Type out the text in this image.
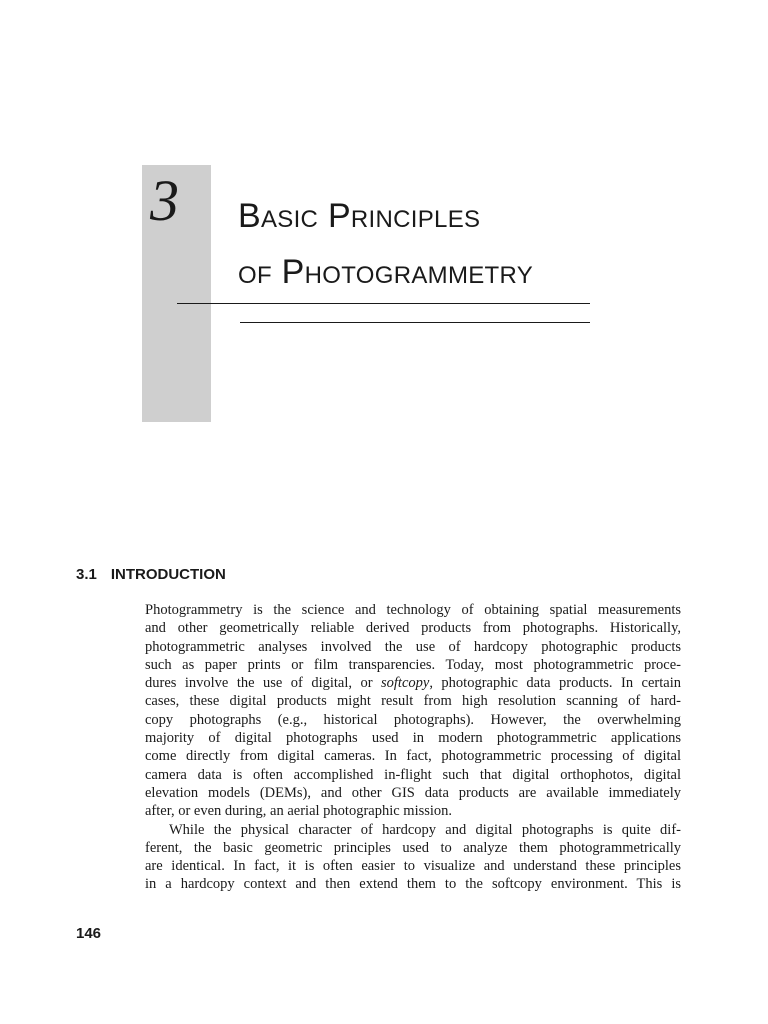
3 Basic Principles
of Photogrammetry
3.1 INTRODUCTION
Photogrammetry is the science and technology of obtaining spatial measurements
and other geometrically reliable derived products from photographs. Historically,
photogrammetric analyses involved the use of hardcopy photographic products
such as paper prints or film transparencies. Today, most photogrammetric proce-
dures involve the use of digital, or softcopy, photographic data products. In certain
cases, these digital products might result from high resolution scanning of hard-
copy photographs (e.g., historical photographs). However, the overwhelming
majority of digital photographs used in modern photogrammetric applications
come directly from digital cameras. In fact, photogrammetric processing of digital
camera data is often accomplished in-flight such that digital orthophotos, digital
elevation models (DEMs), and other GIS data products are available immediately
after, or even during, an aerial photographic mission.
While the physical character of hardcopy and digital photographs is quite dif-
ferent, the basic geometric principles used to analyze them photogrammetrically
are identical. In fact, it is often easier to visualize and understand these principles
in a hardcopy context and then extend them to the softcopy environment. This is
146
